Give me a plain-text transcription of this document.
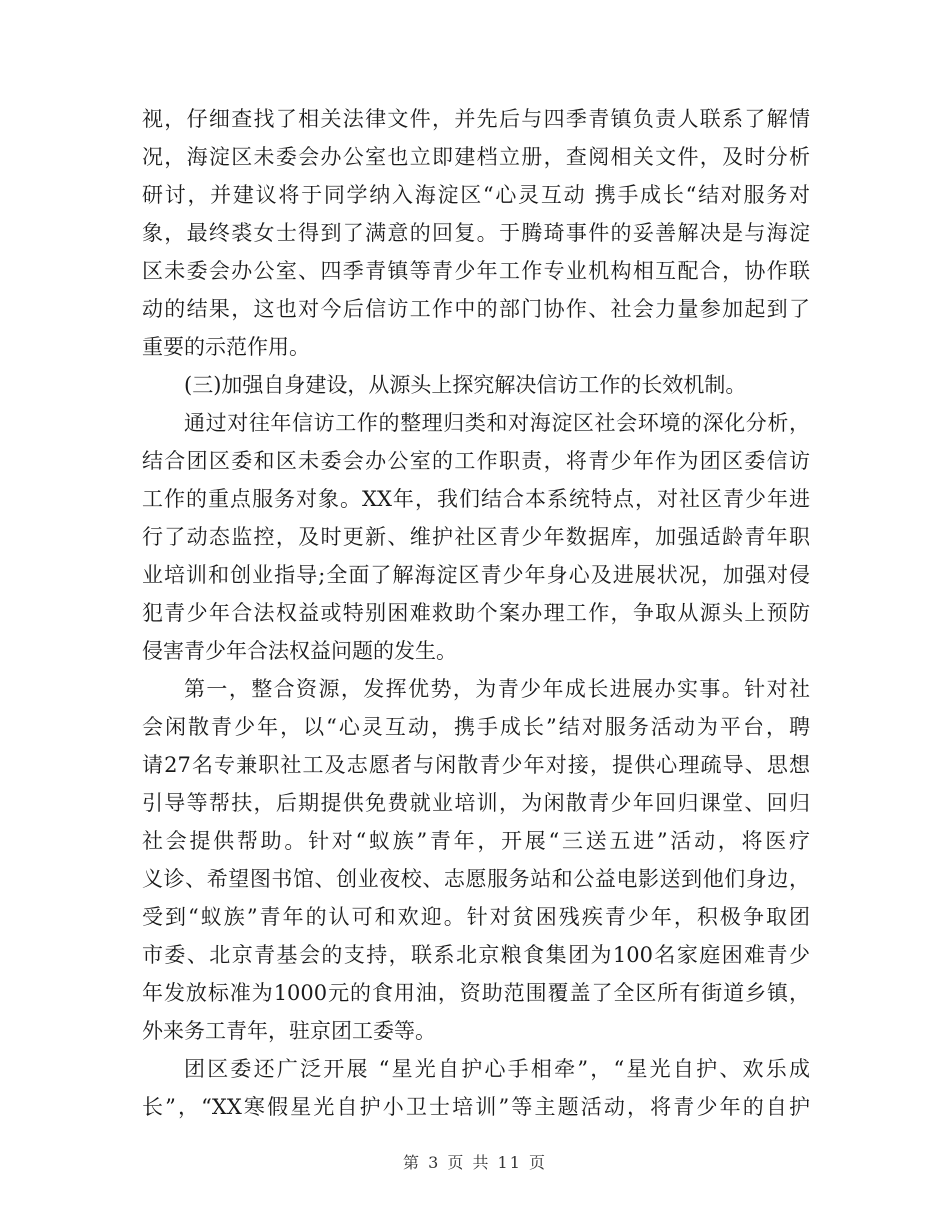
视，仔细查找了相关法律文件，并先后与四季青镇负责人联系了解情
况，海淀区未委会办公室也立即建档立册，查阅相关文件，及时分析
研讨，并建议将于同学纳入海淀区“心灵互动 携手成长“结对服务对
象，最终裘女士得到了满意的回复。于腾琦事件的妥善解决是与海淀
区未委会办公室、四季青镇等青少年工作专业机构相互配合，协作联
动的结果，这也对今后信访工作中的部门协作、社会力量参加起到了
重要的示范作用。
(三)加强自身建设，从源头上探究解决信访工作的长效机制。
通过对往年信访工作的整理归类和对海淀区社会环境的深化分析，
结合团区委和区未委会办公室的工作职责，将青少年作为团区委信访
工作的重点服务对象。XX年，我们结合本系统特点，对社区青少年进
行了动态监控，及时更新、维护社区青少年数据库，加强适龄青年职
业培训和创业指导;全面了解海淀区青少年身心及进展状况，加强对侵
犯青少年合法权益或特别困难救助个案办理工作，争取从源头上预防
侵害青少年合法权益问题的发生。
第一，整合资源，发挥优势，为青少年成长进展办实事。针对社
会闲散青少年，以“心灵互动，携手成长”结对服务活动为平台，聘
请27名专兼职社工及志愿者与闲散青少年对接，提供心理疏导、思想
引导等帮扶，后期提供免费就业培训，为闲散青少年回归课堂、回归
社会提供帮助。针对“蚁族”青年，开展“三送五进”活动，将医疗
义诊、希望图书馆、创业夜校、志愿服务站和公益电影送到他们身边，
受到“蚁族”青年的认可和欢迎。针对贫困残疾青少年，积极争取团
市委、北京青基会的支持，联系北京粮食集团为100名家庭困难青少
年发放标准为1000元的食用油，资助范围覆盖了全区所有街道乡镇，
外来务工青年，驻京团工委等。
团区委还广泛开展 “星光自护心手相牵”，“星光自护、欢乐成
长”，“XX寒假星光自护小卫士培训”等主题活动，将青少年的自护
第 3 页 共 11 页
